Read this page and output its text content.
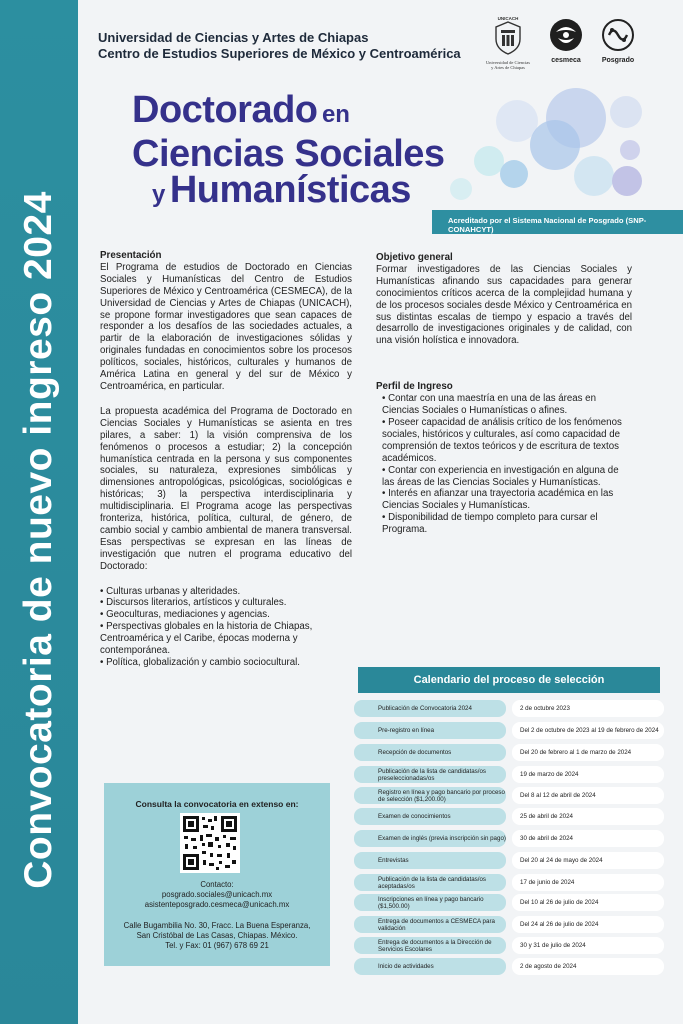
Convocatoria de nuevo ingreso 2024
Universidad de Ciencias y Artes de Chiapas
Centro de Estudios Superiores de México y Centroamérica
UNICACH
Universidad de Ciencias
y Artes de Chiapas
cesmeca	Posgrado
Doctorado en
Ciencias Sociales
y Humanísticas
Acreditado por el Sistema Nacional de Posgrado (SNP-CONAHCYT)
Presentación

El Programa de estudios de Doctorado en Ciencias Sociales y Humanísticas del Centro de Estudios Superiores de México y Centroamérica (CESMECA), de la Universidad de Ciencias y Artes de Chiapas (UNICACH), se propone formar investigadores que sean capaces de responder a los desafíos de las sociedades actuales, a partir de la elaboración de investigaciones sólidas y originales fundadas en conocimientos sobre los procesos políticos, sociales, históricos, culturales y humanos de América Latina en general y del sur de México y Centroamérica, en particular.

La propuesta académica del Programa de Doctorado en Ciencias Sociales y Humanísticas se asienta en tres pilares, a saber: 1) la visión comprensiva de los fenómenos o procesos a estudiar; 2) la concepción humanística centrada en la persona y sus componentes sociales, su naturaleza, expresiones simbólicas y dimensiones antropológicas, psicológicas, sociológicas e históricas; 3) la perspectiva interdisciplinaria y multidisciplinaria. El Programa acoge las perspectivas fronteriza, histórica, política, cultural, de género, de cambio social y cambio ambiental de manera transversal. Esas perspectivas se expresan en las líneas de investigación que nutren el programa educativo del Doctorado:

• Culturas urbanas y alteridades.

• Discursos literarios, artísticos y culturales.

• Geoculturas, mediaciones y agencias.

• Perspectivas globales en la historia de Chiapas, Centroamérica y el Caribe, épocas moderna y contemporánea.

• Política, globalización y cambio sociocultural.

Objetivo general

Formar investigadores de las Ciencias Sociales y Humanísticas afinando sus capacidades para generar conocimientos críticos acerca de la complejidad humana y de los procesos sociales desde México y Centroamérica en sus distintas escalas de tiempo y espacio a través del desarrollo de investigaciones originales y de calidad, con una visión holística e innovadora.

Perfil de Ingreso

• Contar con una maestría en una de las áreas en Ciencias Sociales o Humanísticas o afines.

• Poseer capacidad de análisis crítico de los fenómenos sociales, históricos y culturales, así como capacidad de comprensión de textos teóricos y de escritura de textos académicos.

• Contar con experiencia en investigación en alguna de las áreas de las Ciencias Sociales y Humanísticas.

• Interés en afianzar una trayectoria académica en las Ciencias Sociales y Humanísticas.

• Disponibilidad de tiempo completo para cursar el Programa.

Consulta la convocatoria en extenso en:
Contacto:
posgrado.sociales@unicach.mx
asistenteposgrado.cesmeca@unicach.mx
Calle Bugambilia No. 30, Fracc. La Buena Esperanza,
San Cristóbal de Las Casas, Chiapas. México.
Tel. y Fax: 01 (967) 678 69 21
Calendario del proceso de selección
Publicación de Convocatoria 2024	2 de octubre 2023
Pre-registro en línea	Del 2 de octubre de 2023 al 19 de febrero de 2024
Recepción de documentos	Del 20 de febrero al 1 de marzo de 2024
Publicación de la lista de candidatas/os preseleccionadas/os	19 de marzo de 2024
Registro en línea y pago bancario por proceso de selección ($1,200.00)	Del 8 al 12 de abril de 2024
Examen de conocimientos	25 de abril de 2024
Examen de inglés (previa inscripción sin pago)	30 de abril de 2024
Entrevistas	Del 20 al 24 de mayo de 2024
Publicación de la lista de candidatas/os aceptadas/os	17 de junio de 2024
Inscripciones en línea y pago bancario ($1,500.00)	Del 10 al 26 de julio de 2024
Entrega de documentos a CESMECA para validación	Del 24 al 26 de julio de 2024
Entrega de documentos a la Dirección de Servicios Escolares	30 y 31 de julio de 2024
Inicio de actividades	2 de agosto de 2024
